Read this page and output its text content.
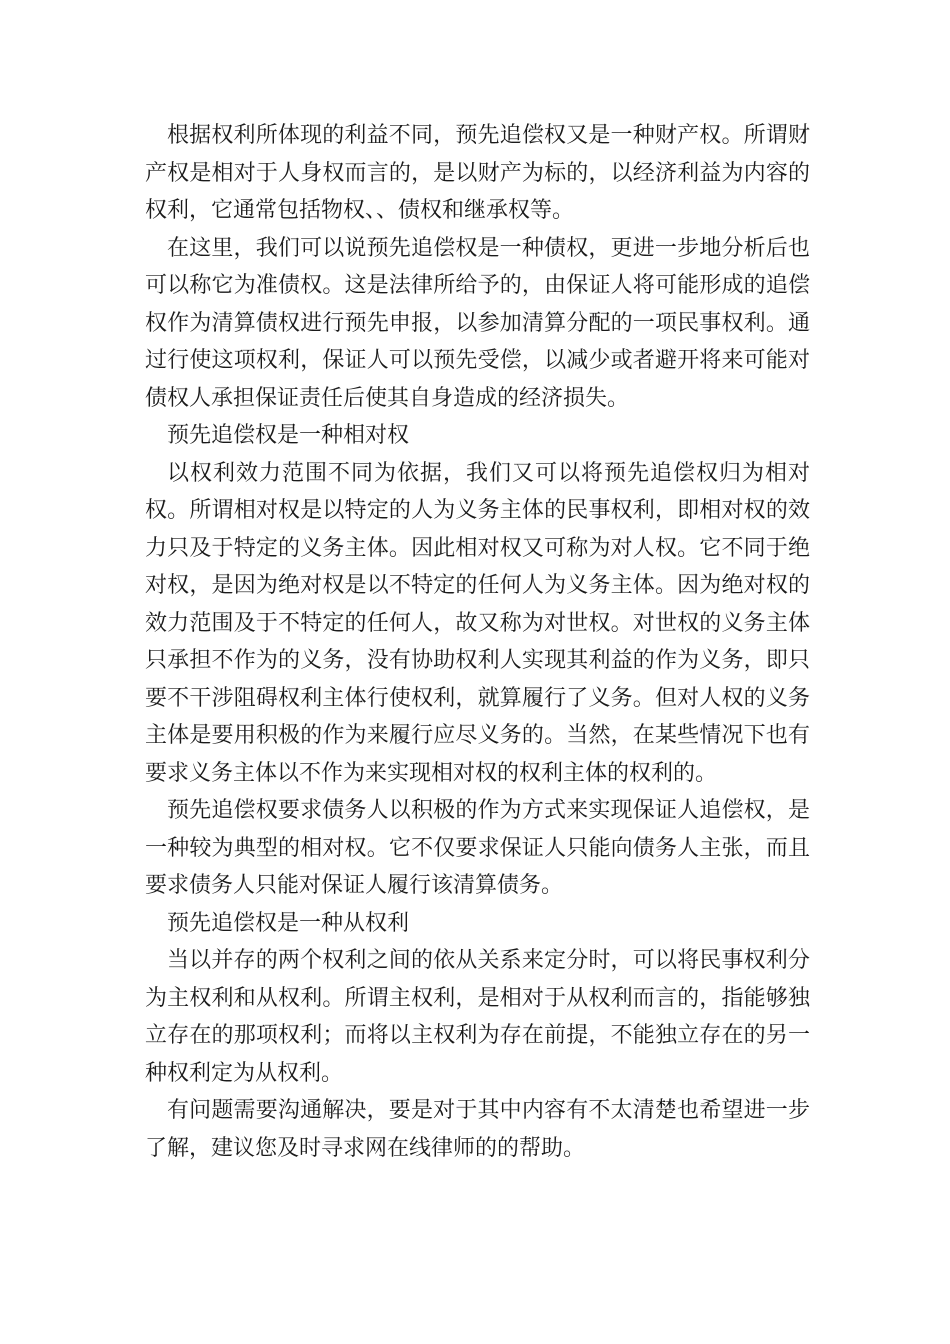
根据权利所体现的利益不同，预先追偿权又是一种财产权。所谓财产权是相对于人身权而言的，是以财产为标的，以经济利益为内容的权利，它通常包括物权、、债权和继承权等。

在这里，我们可以说预先追偿权是一种债权，更进一步地分析后也可以称它为准债权。这是法律所给予的，由保证人将可能形成的追偿权作为清算债权进行预先申报，以参加清算分配的一项民事权利。通过行使这项权利，保证人可以预先受偿，以减少或者避开将来可能对债权人承担保证责任后使其自身造成的经济损失。

预先追偿权是一种相对权

以权利效力范围不同为依据，我们又可以将预先追偿权归为相对权。所谓相对权是以特定的人为义务主体的民事权利，即相对权的效力只及于特定的义务主体。因此相对权又可称为对人权。它不同于绝对权，是因为绝对权是以不特定的任何人为义务主体。因为绝对权的效力范围及于不特定的任何人，故又称为对世权。对世权的义务主体只承担不作为的义务，没有协助权利人实现其利益的作为义务，即只要不干涉阻碍权利主体行使权利，就算履行了义务。但对人权的义务主体是要用积极的作为来履行应尽义务的。当然，在某些情况下也有要求义务主体以不作为来实现相对权的权利主体的权利的。

预先追偿权要求债务人以积极的作为方式来实现保证人追偿权，是一种较为典型的相对权。它不仅要求保证人只能向债务人主张，而且要求债务人只能对保证人履行该清算债务。

预先追偿权是一种从权利

当以并存的两个权利之间的依从关系来定分时，可以将民事权利分为主权利和从权利。所谓主权利，是相对于从权利而言的，指能够独立存在的那项权利；而将以主权利为存在前提，不能独立存在的另一种权利定为从权利。

有问题需要沟通解决，要是对于其中内容有不太清楚也希望进一步了解，建议您及时寻求网在线律师的的帮助。
